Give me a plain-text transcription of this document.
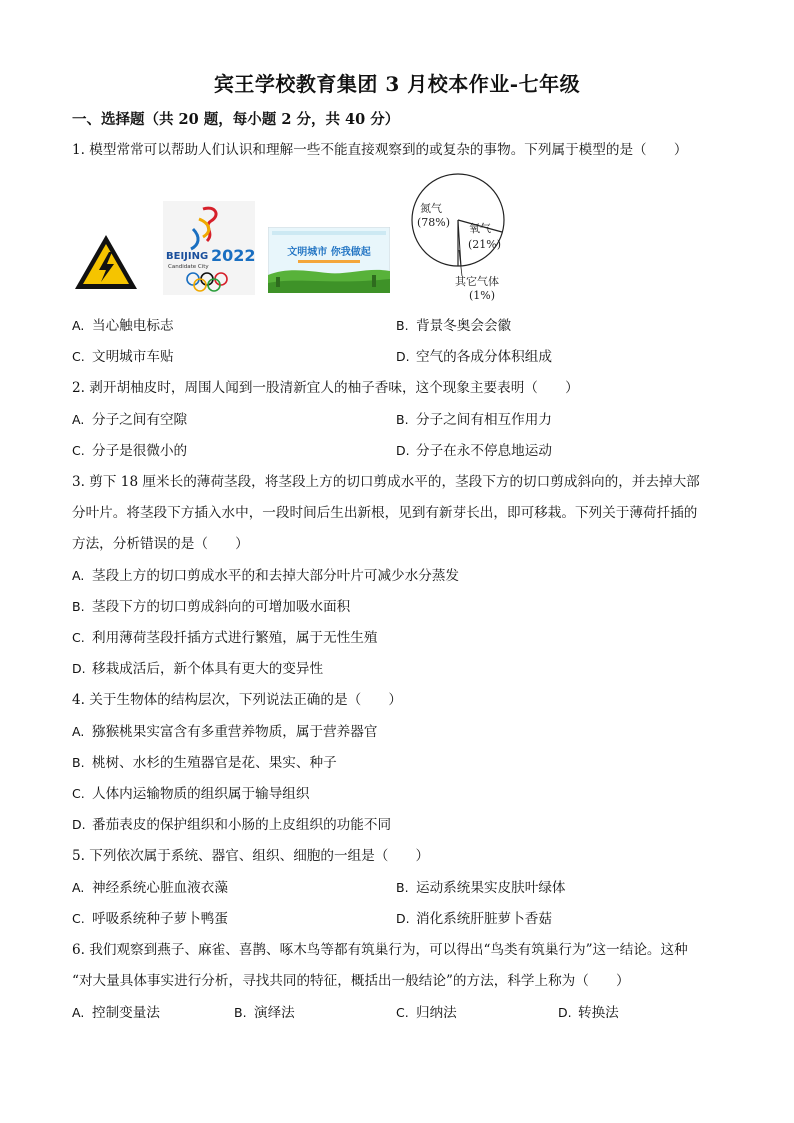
宾王学校教育集团 3 月校本作业-七年级
一、选择题（共 20 题，每小题 2 分，共 40 分）
1. 模型常常可以帮助人们认识和理解一些不能直接观察到的或复杂的事物。下列属于模型的是（　　）
BEIJING 2022
Candidate City
文明城市 你我做起
氮气
(78%) 氧气
(21%)
其它气体
(1%)
A. 当心触电标志	B. 背景冬奥会会徽
C. 文明城市车贴	D. 空气的各成分体积组成
2. 剥开胡柚皮时，周围人闻到一股清新宜人的柚子香味，这个现象主要表明（　　）
A. 分子之间有空隙	B. 分子之间有相互作用力
C. 分子是很微小的	D. 分子在永不停息地运动
3. 剪下 18 厘米长的薄荷茎段，将茎段上方的切口剪成水平的，茎段下方的切口剪成斜向的，并去掉大部
分叶片。将茎段下方插入水中，一段时间后生出新根，见到有新芽长出，即可移栽。下列关于薄荷扦插的
方法，分析错误的是（　　）
A. 茎段上方的切口剪成水平的和去掉大部分叶片可减少水分蒸发
B. 茎段下方的切口剪成斜向的可增加吸水面积
C. 利用薄荷茎段扦插方式进行繁殖，属于无性生殖
D. 移栽成活后，新个体具有更大的变异性
4. 关于生物体的结构层次，下列说法正确的是（　　）
A. 猕猴桃果实富含有多重营养物质，属于营养器官
B. 桃树、水杉的生殖器官是花、果实、种子
C. 人体内运输物质的组织属于输导组织
D. 番茄表皮的保护组织和小肠的上皮组织的功能不同
5. 下列依次属于系统、器官、组织、细胞的一组是（　　）
A. 神经系统心脏血液衣藻	B. 运动系统果实皮肤叶绿体
C. 呼吸系统种子萝卜鸭蛋	D. 消化系统肝脏萝卜香菇
6. 我们观察到燕子、麻雀、喜鹊、啄木鸟等都有筑巢行为，可以得出“鸟类有筑巢行为”这一结论。这种
“对大量具体事实进行分析，寻找共同的特征，概括出一般结论”的方法，科学上称为（　　）
A. 控制变量法	B. 演绎法	C. 归纳法	D. 转换法
